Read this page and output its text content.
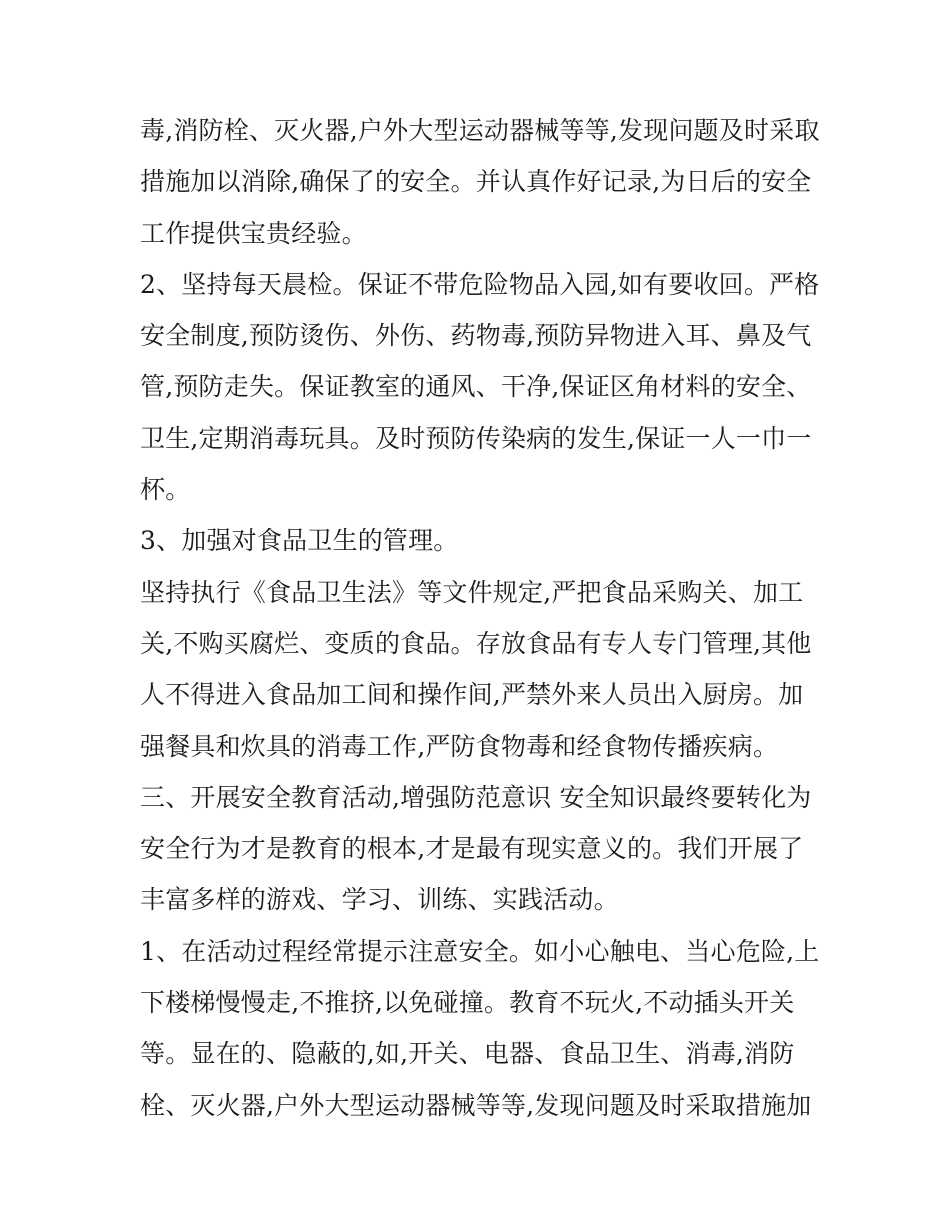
毒,消防栓、灭火器,户外大型运动器械等等,发现问题及时采取
措施加以消除,确保了的安全。并认真作好记录,为日后的安全
工作提供宝贵经验。
2、坚持每天晨检。保证不带危险物品入园,如有要收回。严格
安全制度,预防烫伤、外伤、药物毒,预防异物进入耳、鼻及气
管,预防走失。保证教室的通风、干净,保证区角材料的安全、
卫生,定期消毒玩具。及时预防传染病的发生,保证一人一巾一
杯。
3、加强对食品卫生的管理。
坚持执行《食品卫生法》等文件规定,严把食品采购关、加工
关,不购买腐烂、变质的食品。存放食品有专人专门管理,其他
人不得进入食品加工间和操作间,严禁外来人员出入厨房。加
强餐具和炊具的消毒工作,严防食物毒和经食物传播疾病。
三、开展安全教育活动,增强防范意识 安全知识最终要转化为
安全行为才是教育的根本,才是最有现实意义的。我们开展了
丰富多样的游戏、学习、训练、实践活动。
1、在活动过程经常提示注意安全。如小心触电、当心危险,上
下楼梯慢慢走,不推挤,以免碰撞。教育不玩火,不动插头开关
等。显在的、隐蔽的,如,开关、电器、食品卫生、消毒,消防
栓、灭火器,户外大型运动器械等等,发现问题及时采取措施加
